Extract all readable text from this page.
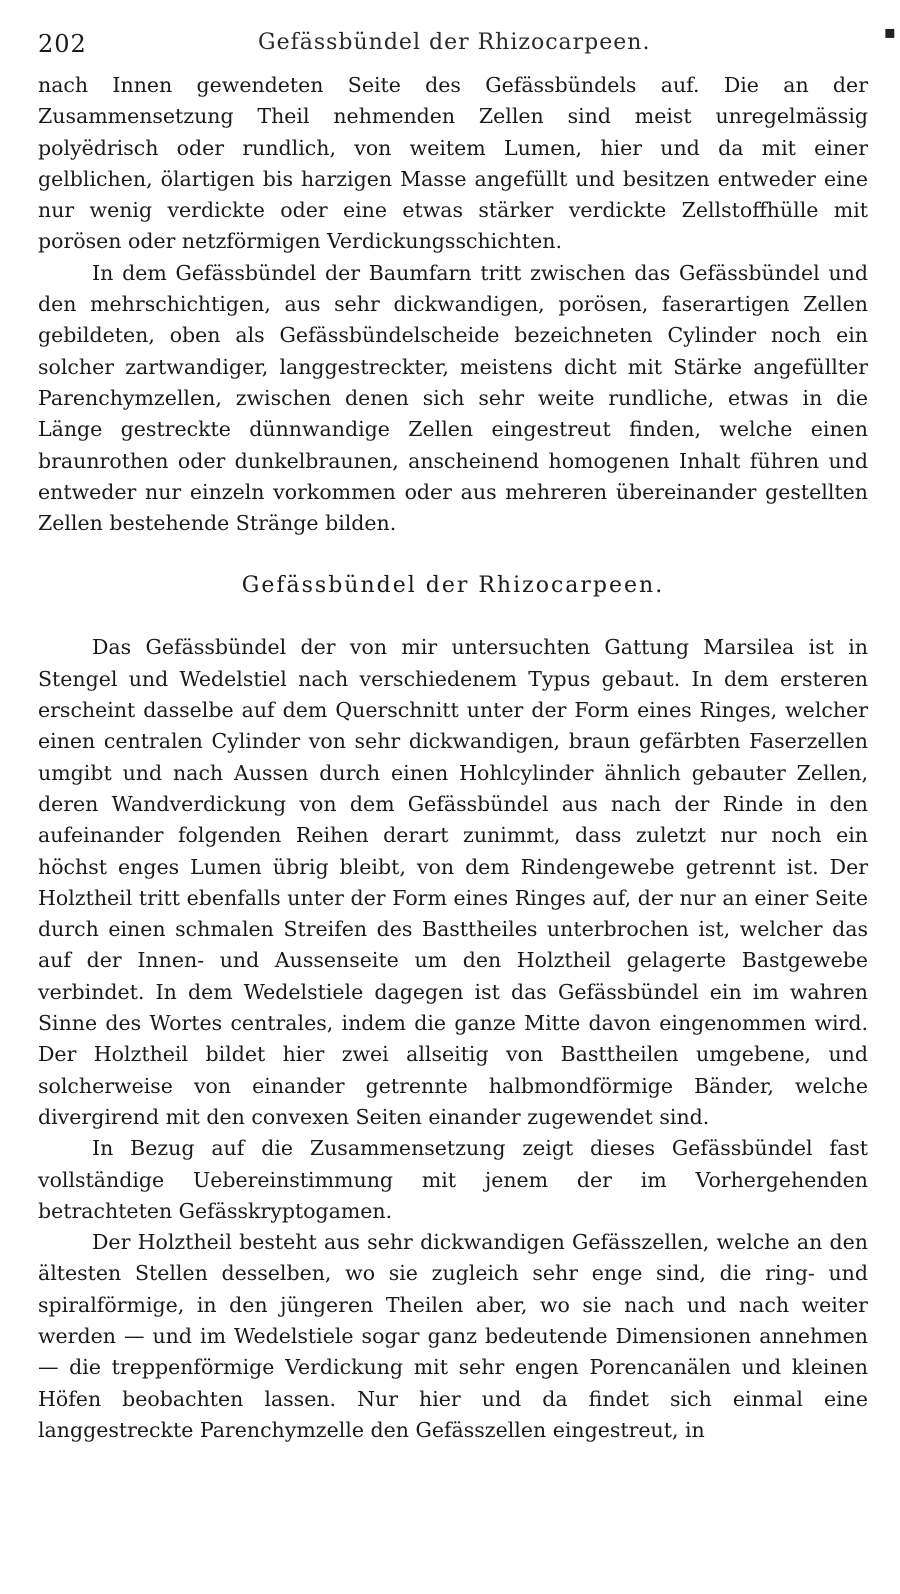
202	Gefässbündel der Rhizocarpeen.

nach Innen gewendeten Seite des Gefässbündels auf. Die an der Zusammensetzung Theil nehmenden Zellen sind meist unregelmässig polyëdrisch oder rundlich, von weitem Lumen, hier und da mit einer gelblichen, ölartigen bis harzigen Masse angefüllt und besitzen entweder eine nur wenig verdickte oder eine etwas stärker verdickte Zellstoffhülle mit porösen oder netzförmigen Verdickungsschichten.

In dem Gefässbündel der Baumfarn tritt zwischen das Gefässbündel und den mehrschichtigen, aus sehr dickwandigen, porösen, faserartigen Zellen gebildeten, oben als Gefässbündelscheide bezeichneten Cylinder noch ein solcher zartwandiger, langgestreckter, meistens dicht mit Stärke angefüllter Parenchymzellen, zwischen denen sich sehr weite rundliche, etwas in die Länge gestreckte dünnwandige Zellen eingestreut finden, welche einen braunrothen oder dunkelbraunen, anscheinend homogenen Inhalt führen und entweder nur einzeln vorkommen oder aus mehreren übereinander gestellten Zellen bestehende Stränge bilden.

Gefässbündel der Rhizocarpeen.

Das Gefässbündel der von mir untersuchten Gattung Marsilea ist in Stengel und Wedelstiel nach verschiedenem Typus gebaut. In dem ersteren erscheint dasselbe auf dem Querschnitt unter der Form eines Ringes, welcher einen centralen Cylinder von sehr dickwandigen, braun gefärbten Faserzellen umgibt und nach Aussen durch einen Hohlcylinder ähnlich gebauter Zellen, deren Wandverdickung von dem Gefässbündel aus nach der Rinde in den aufeinander folgenden Reihen derart zunimmt, dass zuletzt nur noch ein höchst enges Lumen übrig bleibt, von dem Rindengewebe getrennt ist. Der Holztheil tritt ebenfalls unter der Form eines Ringes auf, der nur an einer Seite durch einen schmalen Streifen des Basttheiles unterbrochen ist, welcher das auf der Innen- und Aussenseite um den Holztheil gelagerte Bastgewebe verbindet. In dem Wedelstiele dagegen ist das Gefässbündel ein im wahren Sinne des Wortes centrales, indem die ganze Mitte davon eingenommen wird. Der Holztheil bildet hier zwei allseitig von Basttheilen umgebene, und solcherweise von einander getrennte halbmondförmige Bänder, welche divergirend mit den convexen Seiten einander zugewendet sind.

In Bezug auf die Zusammensetzung zeigt dieses Gefässbündel fast vollständige Uebereinstimmung mit jenem der im Vorhergehenden betrachteten Gefässkryptogamen.

Der Holztheil besteht aus sehr dickwandigen Gefässzellen, welche an den ältesten Stellen desselben, wo sie zugleich sehr enge sind, die ring- und spiralförmige, in den jüngeren Theilen aber, wo sie nach und nach weiter werden — und im Wedelstiele sogar ganz bedeutende Dimensionen annehmen — die treppenförmige Verdickung mit sehr engen Porencanälen und kleinen Höfen beobachten lassen. Nur hier und da findet sich einmal eine langgestreckte Parenchymzelle den Gefässzellen eingestreut, in

▪
